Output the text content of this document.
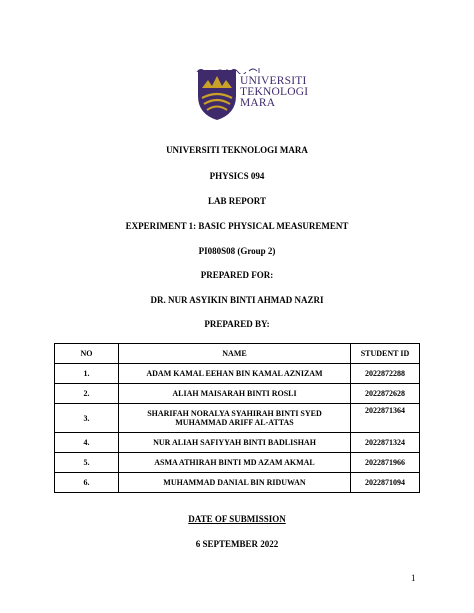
UNIVERSITI
TEKNOLOGI
MARA
UNIVERSITI TEKNOLOGI MARA
PHYSICS 094
LAB REPORT
EXPERIMENT 1: BASIC PHYSICAL MEASUREMENT
PI080S08 (Group 2)
PREPARED FOR:
DR. NUR ASYIKIN BINTI AHMAD NAZRI
PREPARED BY:
NO	NAME	STUDENT ID
1.	ADAM KAMAL EEHAN BIN KAMAL AZNIZAM	2022872288
2.	ALIAH MAISARAH BINTI ROSLI	2022872628
3.	SHARIFAH NORALYA SYAHIRAH BINTI SYED
MUHAMMAD ARIFF AL-ATTAS	2022871364
4.	NUR ALIAH SAFIYYAH BINTI BADLISHAH	2022871324
5.	ASMA ATHIRAH BINTI MD AZAM AKMAL	2022871966
6.	MUHAMMAD DANIAL BIN RIDUWAN	2022871094
DATE OF SUBMISSION
6 SEPTEMBER 2022
1
